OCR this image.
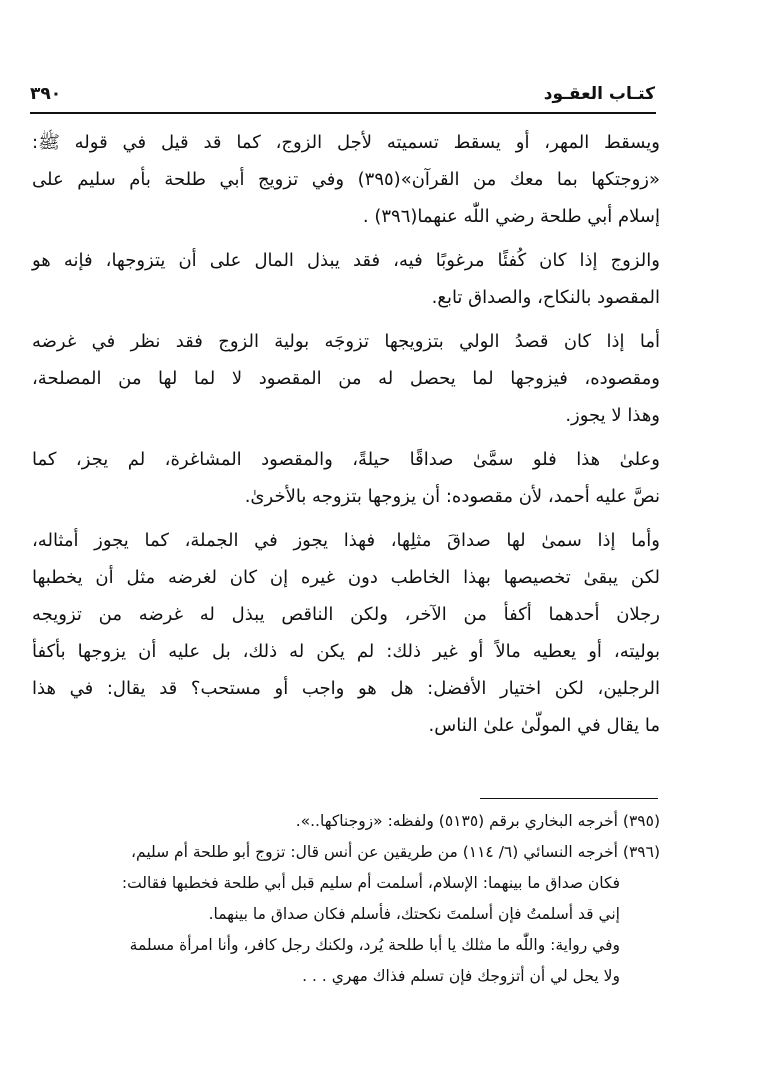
كتـاب العقـود
٣٩٠

ويسقط المهر، أو يسقط تسميته لأجل الزوج، كما قد قيل في قوله ﷺ:
«زوجتكها بما معك من القرآن»(٣٩٥) وفي تزويج أبي طلحة بأم سليم على
إسلام أبي طلحة رضي اللّٰه عنهما(٣٩٦) .

والزوج إذا كان كُفئًا مرغوبًا فيه، فقد يبذل المال على أن يتزوجها، فإنه هو
المقصود بالنكاح، والصداق تابع.

أما إذا كان قصدُ الولي بتزويجها تزوجَه بولية الزوج فقد نظر في غرضه
ومقصوده، فيزوجها لما يحصل له من المقصود لا لما لها من المصلحة،
وهذا لا يجوز.

وعلىٰ هذا فلو سمَّىٰ صداقًا حيلةً، والمقصود المشاغرة، لم يجز، كما
نصَّ عليه أحمد، لأن مقصوده: أن يزوجها بتزوجه بالأخرىٰ.

وأما إذا سمىٰ لها صداقَ مثلِها، فهذا يجوز في الجملة، كما يجوز أمثاله،
لكن يبقىٰ تخصيصها بهذا الخاطب دون غيره إن كان لغرضه مثل أن يخطبها
رجلان أحدهما أكفأ من الآخر، ولكن الناقص يبذل له غرضه من تزويجه
بوليته، أو يعطيه مالاً أو غير ذلك: لم يكن له ذلك، بل عليه أن يزوجها بأكفأ
الرجلين، لكن اختيار الأفضل: هل هو واجب أو مستحب؟ قد يقال: في هذا
ما يقال في المولّىٰ علىٰ الناس.

(٣٩٥) أخرجه البخاري برقم (٥١٣٥) ولفظه: «زوجناكها..».
(٣٩٦) أخرجه النسائي (٦/ ١١٤) من طريقين عن أنس قال: تزوج أبو طلحة أم سليم،
فكان صداق ما بينهما: الإسلام، أسلمت أم سليم قبل أبي طلحة فخطبها فقالت:
إني قد أسلمتُ فإن أسلمتَ نكحتك، فأسلم فكان صداق ما بينهما.
وفي رواية: واللّٰه ما مثلك يا أبا طلحة يُرد، ولكنك رجل كافر، وأنا امرأة مسلمة
ولا يحل لي أن أتزوجك فإن تسلم فذاك مهري . . .
